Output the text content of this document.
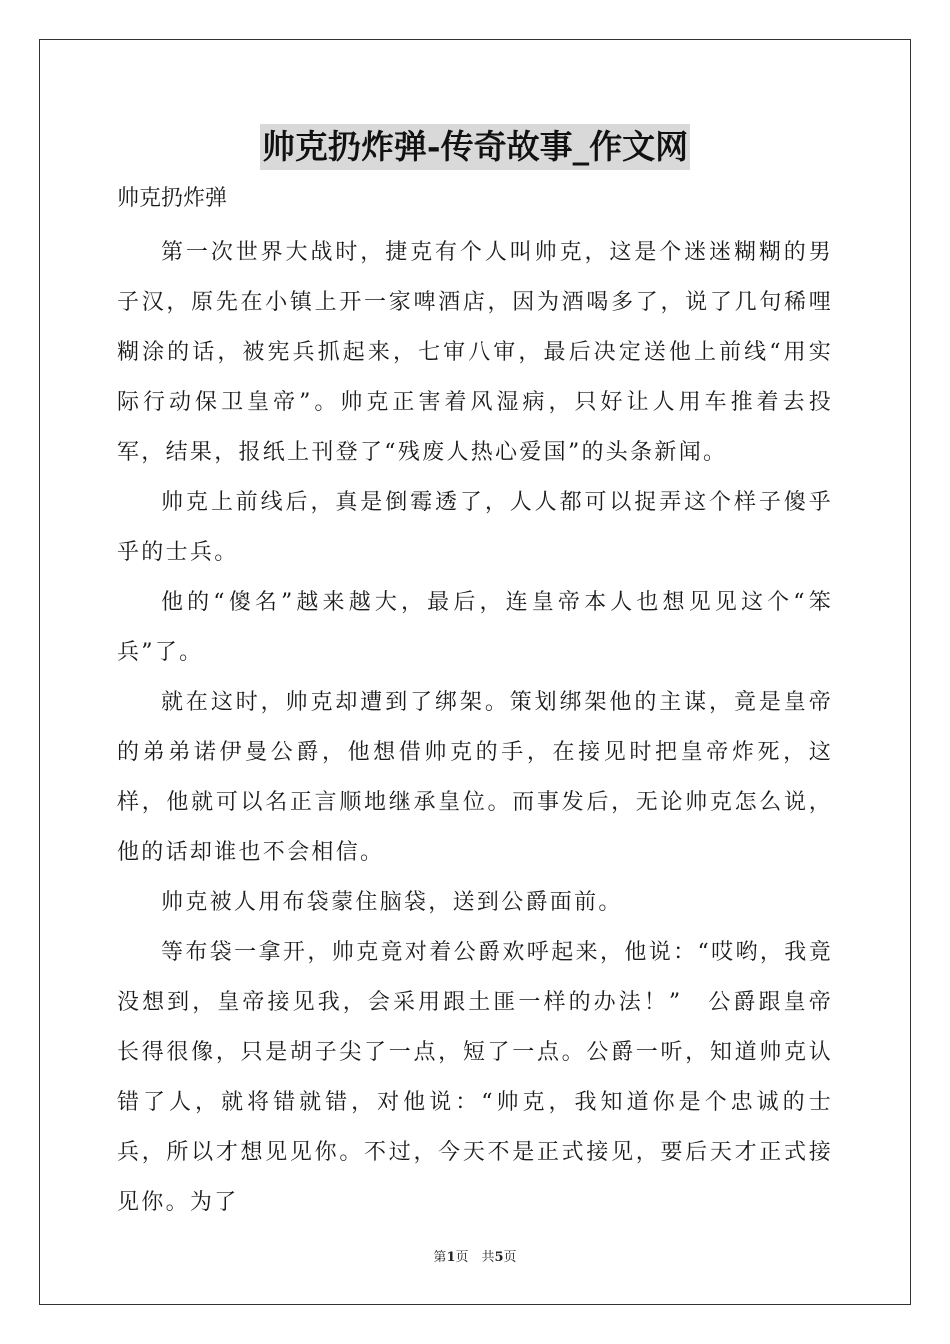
帅克扔炸弹-传奇故事_作文网
帅克扔炸弹

第一次世界大战时，捷克有个人叫帅克，这是个迷迷糊糊的男子汉，原先在小镇上开一家啤酒店，因为酒喝多了，说了几句稀哩糊涂的话，被宪兵抓起来，七审八审，最后决定送他上前线“用实际行动保卫皇帝”。帅克正害着风湿病，只好让人用车推着去投军，结果，报纸上刊登了“残废人热心爱国”的头条新闻。

帅克上前线后，真是倒霉透了，人人都可以捉弄这个样子傻乎乎的士兵。

他的“傻名”越来越大，最后，连皇帝本人也想见见这个“笨兵”了。

就在这时，帅克却遭到了绑架。策划绑架他的主谋，竟是皇帝的弟弟诺伊曼公爵，他想借帅克的手，在接见时把皇帝炸死，这样，他就可以名正言顺地继承皇位。而事发后，无论帅克怎么说，他的话却谁也不会相信。

帅克被人用布袋蒙住脑袋，送到公爵面前。

等布袋一拿开，帅克竟对着公爵欢呼起来，他说：“哎哟，我竟没想到，皇帝接见我，会采用跟土匪一样的办法！”　公爵跟皇帝长得很像，只是胡子尖了一点，短了一点。公爵一听，知道帅克认错了人，就将错就错，对他说：“帅克，我知道你是个忠诚的士兵，所以才想见见你。不过，今天不是正式接见，要后天才正式接见你。为了

第1页　共5页
